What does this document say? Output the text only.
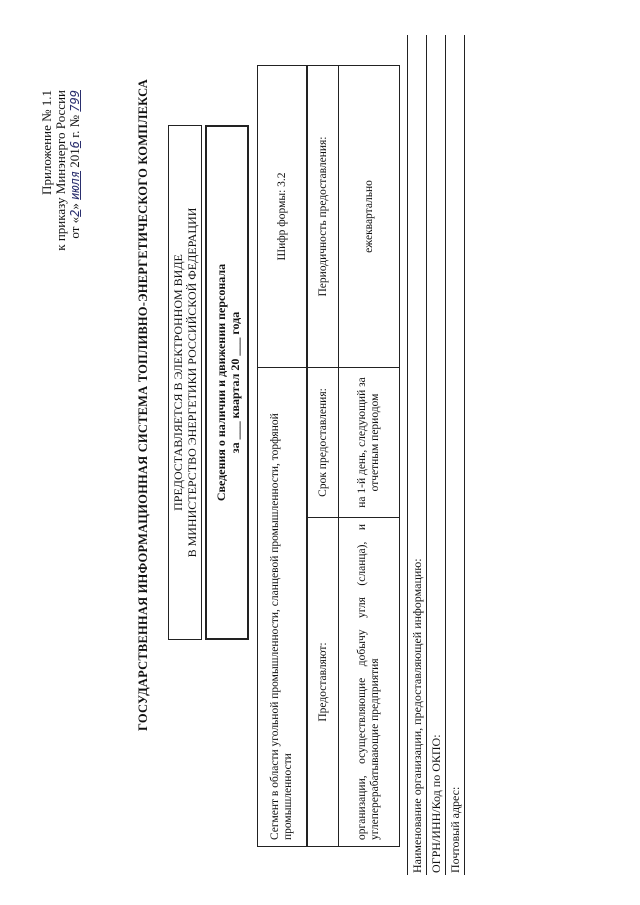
Приложение № 1.1 к приказу Минэнерго России от «2» июля 2016 г. № 799	ГОСУДАРСТВЕННАЯ ИНФОРМАЦИОННАЯ СИСТЕМА ТОПЛИВНО-ЭНЕРГЕТИЧЕСКОГО КОМПЛЕКСА ПРЕДОСТАВЛЯЕТСЯ В ЭЛЕКТРОННОМ ВИДЕ В МИНИСТЕРСТВО ЭНЕРГЕТИКИ РОССИЙСКОЙ ФЕДЕРАЦИИ Сведения о наличии и движении персонала за ___ квартал 20 ___ года
Сегмент в области угольной промышленности, сланцевой промышленности, торфяной промышленности
Шифр формы: 3.2
Предоставляют:
Срок предоставления:
Периодичность предоставления:
организации, осуществляющие добычу угля (сланца), и углеперерабатывающие предприятия
на 1-й день, следующий за отчетным периодом
ежеквартально
Наименование организации, предоставляющей информацию: ОГРН/ИНН/Код по ОКПО: Почтовый адрес:
